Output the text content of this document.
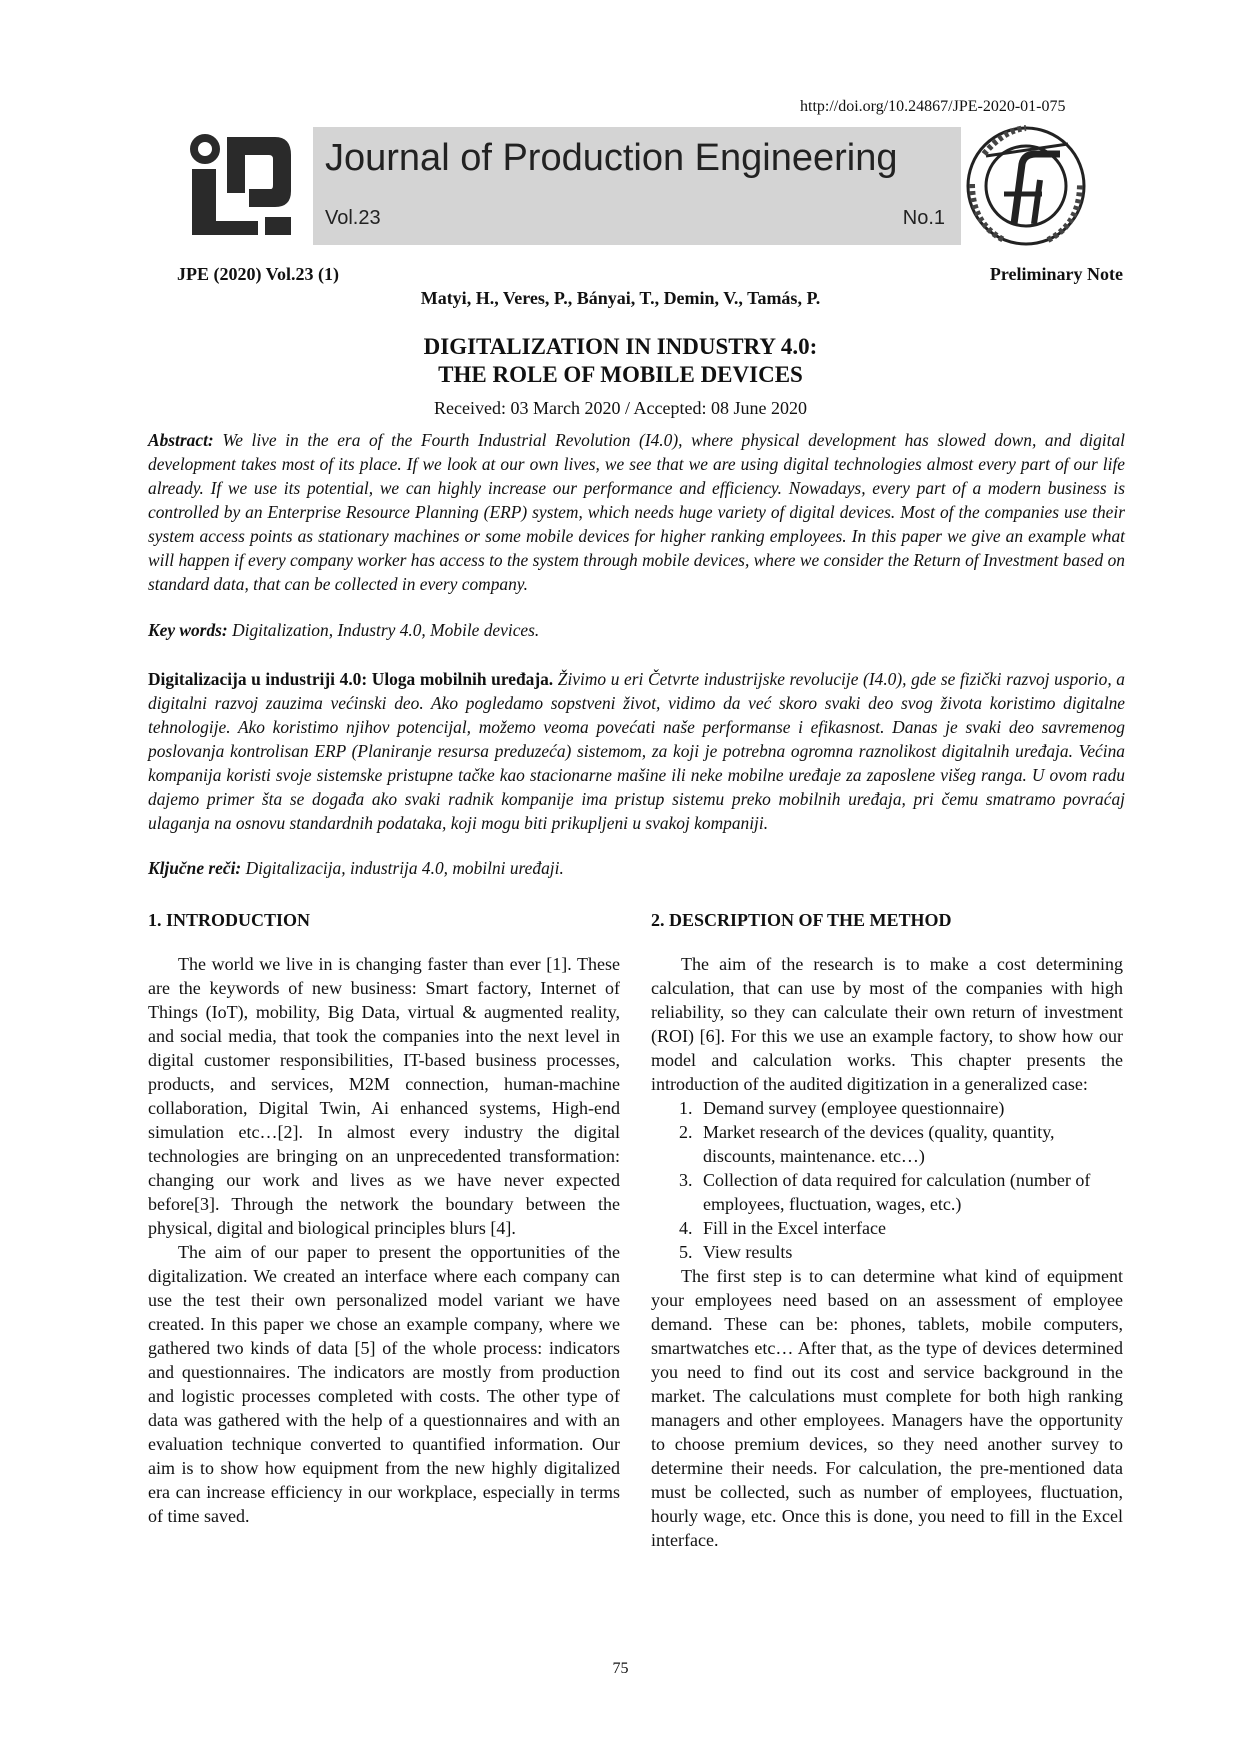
http://doi.org/10.24867/JPE-2020-01-075
Journal of Production Engineering
Vol.23	No.1
JPE (2020) Vol.23 (1)	Preliminary Note
Matyi, H., Veres, P., Bányai, T., Demin, V., Tamás, P.
DIGITALIZATION IN INDUSTRY 4.0:
THE ROLE OF MOBILE DEVICES
Received: 03 March 2020 / Accepted: 08 June 2020

Abstract: We live in the era of the Fourth Industrial Revolution (I4.0), where physical development has slowed down, and digital development takes most of its place. If we look at our own lives, we see that we are using digital technologies almost every part of our life already. If we use its potential, we can highly increase our performance and efficiency. Nowadays, every part of a modern business is controlled by an Enterprise Resource Planning (ERP) system, which needs huge variety of digital devices. Most of the companies use their system access points as stationary machines or some mobile devices for higher ranking employees. In this paper we give an example what will happen if every company worker has access to the system through mobile devices, where we consider the Return of Investment based on standard data, that can be collected in every company.

Key words: Digitalization, Industry 4.0, Mobile devices.

Digitalizacija u industriji 4.0: Uloga mobilnih uređaja. Živimo u eri Četvrte industrijske revolucije (I4.0), gde se fizički razvoj usporio, a digitalni razvoj zauzima većinski deo. Ako pogledamo sopstveni život, vidimo da već skoro svaki deo svog života koristimo digitalne tehnologije. Ako koristimo njihov potencijal, možemo veoma povećati naše performanse i efikasnost. Danas je svaki deo savremenog poslovanja kontrolisan ERP (Planiranje resursa preduzeća) sistemom, za koji je potrebna ogromna raznolikost digitalnih uređaja. Većina kompanija koristi svoje sistemske pristupne tačke kao stacionarne mašine ili neke mobilne uređaje za zaposlene višeg ranga. U ovom radu dajemo primer šta se događa ako svaki radnik kompanije ima pristup sistemu preko mobilnih uređaja, pri čemu smatramo povraćaj ulaganja na osnovu standardnih podataka, koji mogu biti prikupljeni u svakoj kompaniji.

Ključne reči: Digitalizacija, industrija 4.0, mobilni uređaji.

1. INTRODUCTION

The world we live in is changing faster than ever [1]. These are the keywords of new business: Smart factory, Internet of Things (IoT), mobility, Big Data, virtual & augmented reality, and social media, that took the companies into the next level in digital customer responsibilities, IT-based business processes, products, and services, M2M connection, human-machine collaboration, Digital Twin, Ai enhanced systems, High-end simulation etc…[2]. In almost every industry the digital technologies are bringing on an unprecedented transformation: changing our work and lives as we have never expected before[3]. Through the network the boundary between the physical, digital and biological principles blurs [4].

The aim of our paper to present the opportunities of the digitalization. We created an interface where each company can use the test their own personalized model variant we have created. In this paper we chose an example company, where we gathered two kinds of data [5] of the whole process: indicators and questionnaires. The indicators are mostly from production and logistic processes completed with costs. The other type of data was gathered with the help of a questionnaires and with an evaluation technique converted to quantified information. Our aim is to show how equipment from the new highly digitalized era can increase efficiency in our workplace, especially in terms of time saved.

2. DESCRIPTION OF THE METHOD

The aim of the research is to make a cost determining calculation, that can use by most of the companies with high reliability, so they can calculate their own return of investment (ROI) [6]. For this we use an example factory, to show how our model and calculation works. This chapter presents the introduction of the audited digitization in a generalized case:

1. Demand survey (employee questionnaire)
2. Market research of the devices (quality, quantity, discounts, maintenance. etc…)
3. Collection of data required for calculation (number of employees, fluctuation, wages, etc.)
4. Fill in the Excel interface
5. View results

The first step is to can determine what kind of equipment your employees need based on an assessment of employee demand. These can be: phones, tablets, mobile computers, smartwatches etc… After that, as the type of devices determined you need to find out its cost and service background in the market. The calculations must complete for both high ranking managers and other employees. Managers have the opportunity to choose premium devices, so they need another survey to determine their needs. For calculation, the pre-mentioned data must be collected, such as number of employees, fluctuation, hourly wage, etc. Once this is done, you need to fill in the Excel interface.

75
